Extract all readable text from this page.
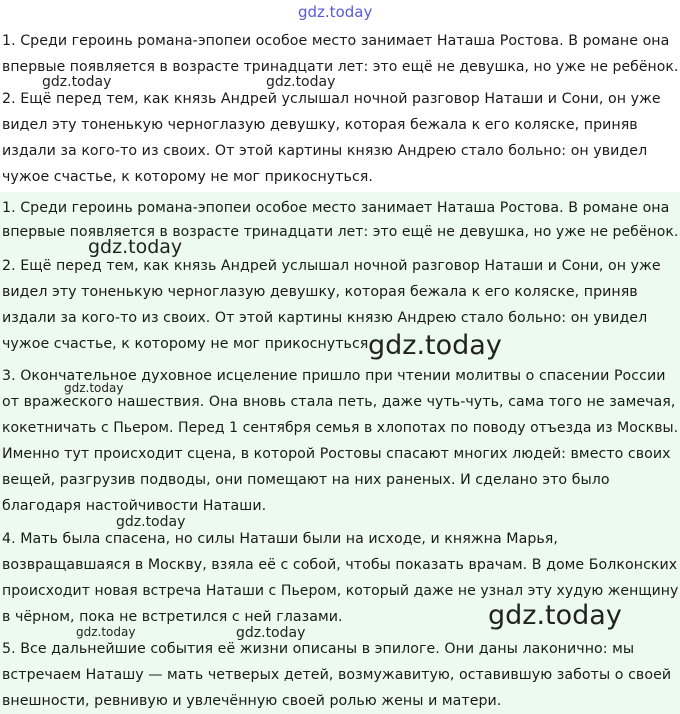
1. Среди героинь романа-эпопеи особое место занимает Наташа Ростова. В романе она
впервые появляется в возрасте тринадцати лет: это ещё не девушка, но уже не ребёнок.
2. Ещё перед тем, как князь Андрей услышал ночной разговор Наташи и Сони, он уже
видел эту тоненькую черноглазую девушку, которая бежала к его коляске, приняв
издали за кого-то из своих. От этой картины князю Андрею стало больно: он увидел
чужое счастье, к которому не мог прикоснуться.
1. Среди героинь романа-эпопеи особое место занимает Наташа Ростова. В романе она
впервые появляется в возрасте тринадцати лет: это ещё не девушка, но уже не ребёнок.
2. Ещё перед тем, как князь Андрей услышал ночной разговор Наташи и Сони, он уже
видел эту тоненькую черноглазую девушку, которая бежала к его коляске, приняв
издали за кого-то из своих. От этой картины князю Андрею стало больно: он увидел
чужое счастье, к которому не мог прикоснуться.
3. Окончательное духовное исцеление пришло при чтении молитвы о спасении России
от вражеского нашествия. Она вновь стала петь, даже чуть-чуть, сама того не замечая,
кокетничать с Пьером. Перед 1 сентября семья в хлопотах по поводу отъезда из Москвы.
Именно тут происходит сцена, в которой Ростовы спасают многих людей: вместо своих
вещей, разгрузив подводы, они помещают на них раненых. И сделано это было
благодаря настойчивости Наташи.
4. Мать была спасена, но силы Наташи были на исходе, и княжна Марья,
возвращавшаяся в Москву, взяла её с собой, чтобы показать врачам. В доме Болконских
происходит новая встреча Наташи с Пьером, который даже не узнал эту худую женщину
в чёрном, пока не встретился с ней глазами.
5. Все дальнейшие события её жизни описаны в эпилоге. Они даны лаконично: мы
встречаем Наташу — мать четверых детей, возмужавитую, оставившую заботы о своей
внешности, ревнивую и увлечённую своей ролью жены и матери.
gdz.today
gdz.today	gdz.today
gdz.today
gdz.today
gdz.today
gdz.today
gdz.today
gdz.today	gdz.today
